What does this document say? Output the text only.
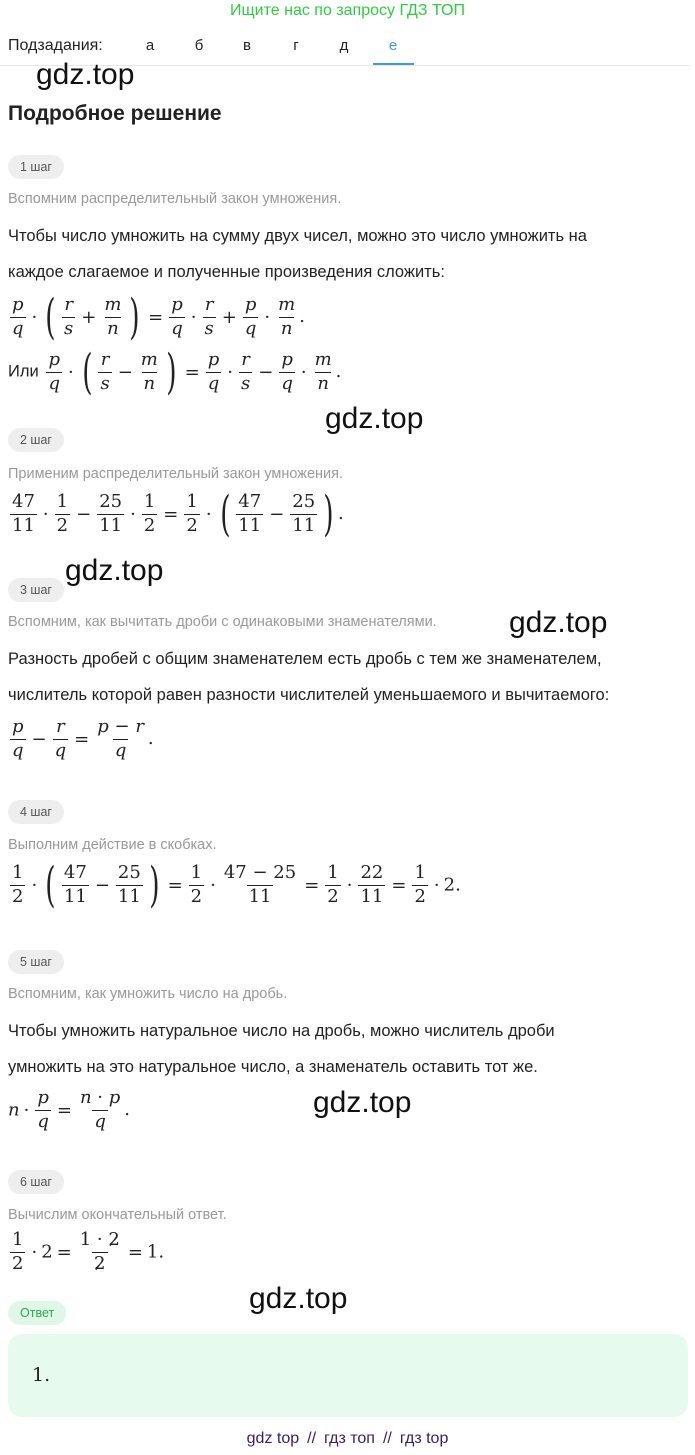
Ищите нас по запросу ГДЗ ТОП
Подзадания:	а	б	в	г	д	е
gdz.top
Подробное решение
1 шаг
Вспомним распределительный закон умножения.
Чтобы число умножить на сумму двух чисел, можно это число умножить на
каждое слагаемое и полученные произведения сложить:
$\frac{p}{q}$ · ( $\frac{r}{s} + \frac{m}{n}$ ) = $\frac{p}{q} \cdot \frac{r}{s} + \frac{p}{q} \cdot \frac{m}{n}$ .
Или $\frac{p}{q}$ · ( $\frac{r}{s} - \frac{m}{n}$ ) = $\frac{p}{q} \cdot \frac{r}{s} - \frac{p}{q} \cdot \frac{m}{n}$ .
gdz.top
2 шаг
Применим распределительный закон умножения.
$\frac{47}{11} \cdot \frac{1}{2} - \frac{25}{11} \cdot \frac{1}{2} = \frac{1}{2}$ · ( $\frac{47}{11} - \frac{25}{11}$ ) .
gdz.top
3 шаг
Вспомним, как вычитать дроби с одинаковыми знаменателями. gdz.top
Разность дробей с общим знаменателем есть дробь с тем же знаменателем,
числитель которой равен разности числителей уменьшаемого и вычитаемого:
$\frac{p}{q} - \frac{r}{q} = \frac{p - r}{q}$ .
4 шаг
Выполним действие в скобках.
$\frac{1}{2}$ · ( $\frac{47}{11} - \frac{25}{11}$ ) = $\frac{1}{2} \cdot \frac{47 - 25}{11} = \frac{1}{2} \cdot \frac{22}{11} = \frac{1}{2} \cdot 2$.
5 шаг
Вспомним, как умножить число на дробь.
Чтобы умножить натуральное число на дробь, можно числитель дроби
умножить на это натуральное число, а знаменатель оставить тот же.
$n \cdot \frac{p}{q} = \frac{n \cdot p}{q}$ .	gdz.top
6 шаг
Вычислим окончательный ответ.
$\frac{1}{2} \cdot 2 = \frac{1 \cdot 2}{2} = 1$.
gdz.top
Ответ
1.
gdz top // гдз топ // гдз top
